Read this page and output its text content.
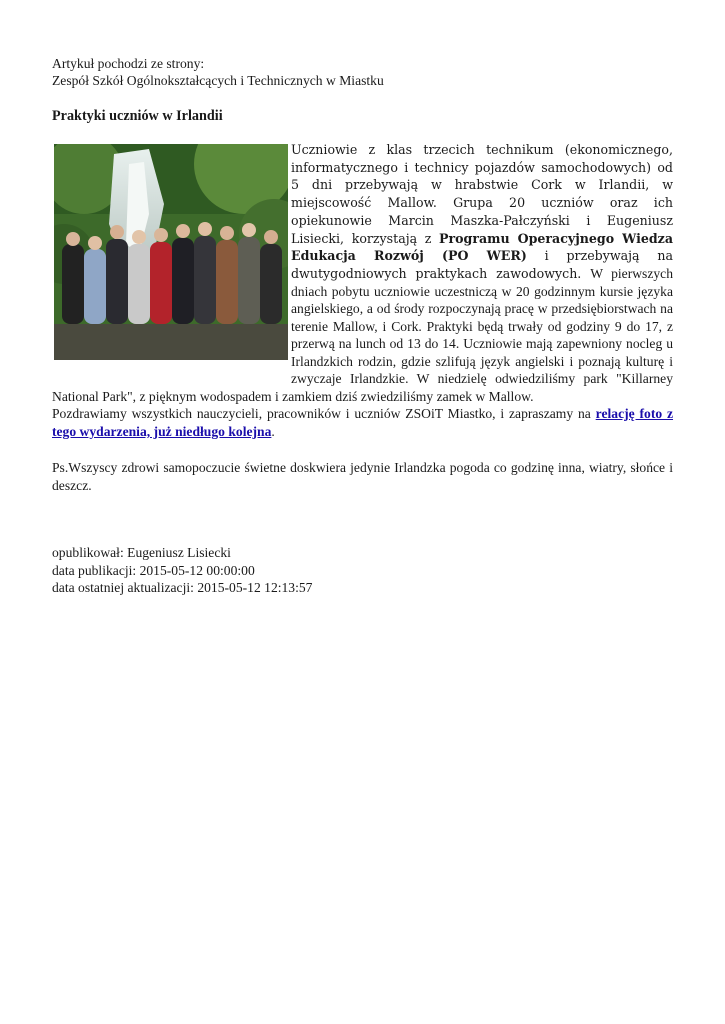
Artykuł pochodzi ze strony:
Zespół Szkół Ogólnokształcących i Technicznych w Miastku
Praktyki uczniów w Irlandii
Uczniowie z klas trzecich technikum (ekonomicznego, informatycznego i technicy pojazdów samochodowych) od 5 dni przebywają w hrabstwie Cork w Irlandii, w miejscowość Mallow. Grupa 20 uczniów oraz ich opiekunowie Marcin Maszka-Pałczyński i Eugeniusz Lisiecki, korzystają z Programu Operacyjnego Wiedza Edukacja Rozwój (PO WER) i przebywają na dwutygodniowych praktykach zawodowych. W pierwszych dniach pobytu uczniowie uczestniczą w 20 godzinnym kursie języka angielskiego, a od środy rozpoczynają pracę w przedsiębiorstwach na terenie Mallow, i Cork. Praktyki będą trwały od godziny 9 do 17, z przerwą na lunch od 13 do 14. Uczniowie mają zapewniony nocleg u Irlandzkich rodzin, gdzie szlifują język angielski i poznają kulturę i zwyczaje Irlandzkie. W niedzielę odwiedziliśmy park "Killarney National Park", z pięknym wodospadem i zamkiem dziś zwiedziliśmy zamek w Mallow.
Pozdrawiamy wszystkich nauczycieli, pracowników i uczniów ZSOiT Miastko, i zapraszamy na relację foto z tego wydarzenia, już niedługo kolejna.
Ps.Wszyscy zdrowi samopoczucie świetne doskwiera jedynie Irlandzka pogoda co godzinę inna, wiatry, słońce i deszcz.
opublikował: Eugeniusz Lisiecki
data publikacji: 2015-05-12 00:00:00
data ostatniej aktualizacji: 2015-05-12 12:13:57
